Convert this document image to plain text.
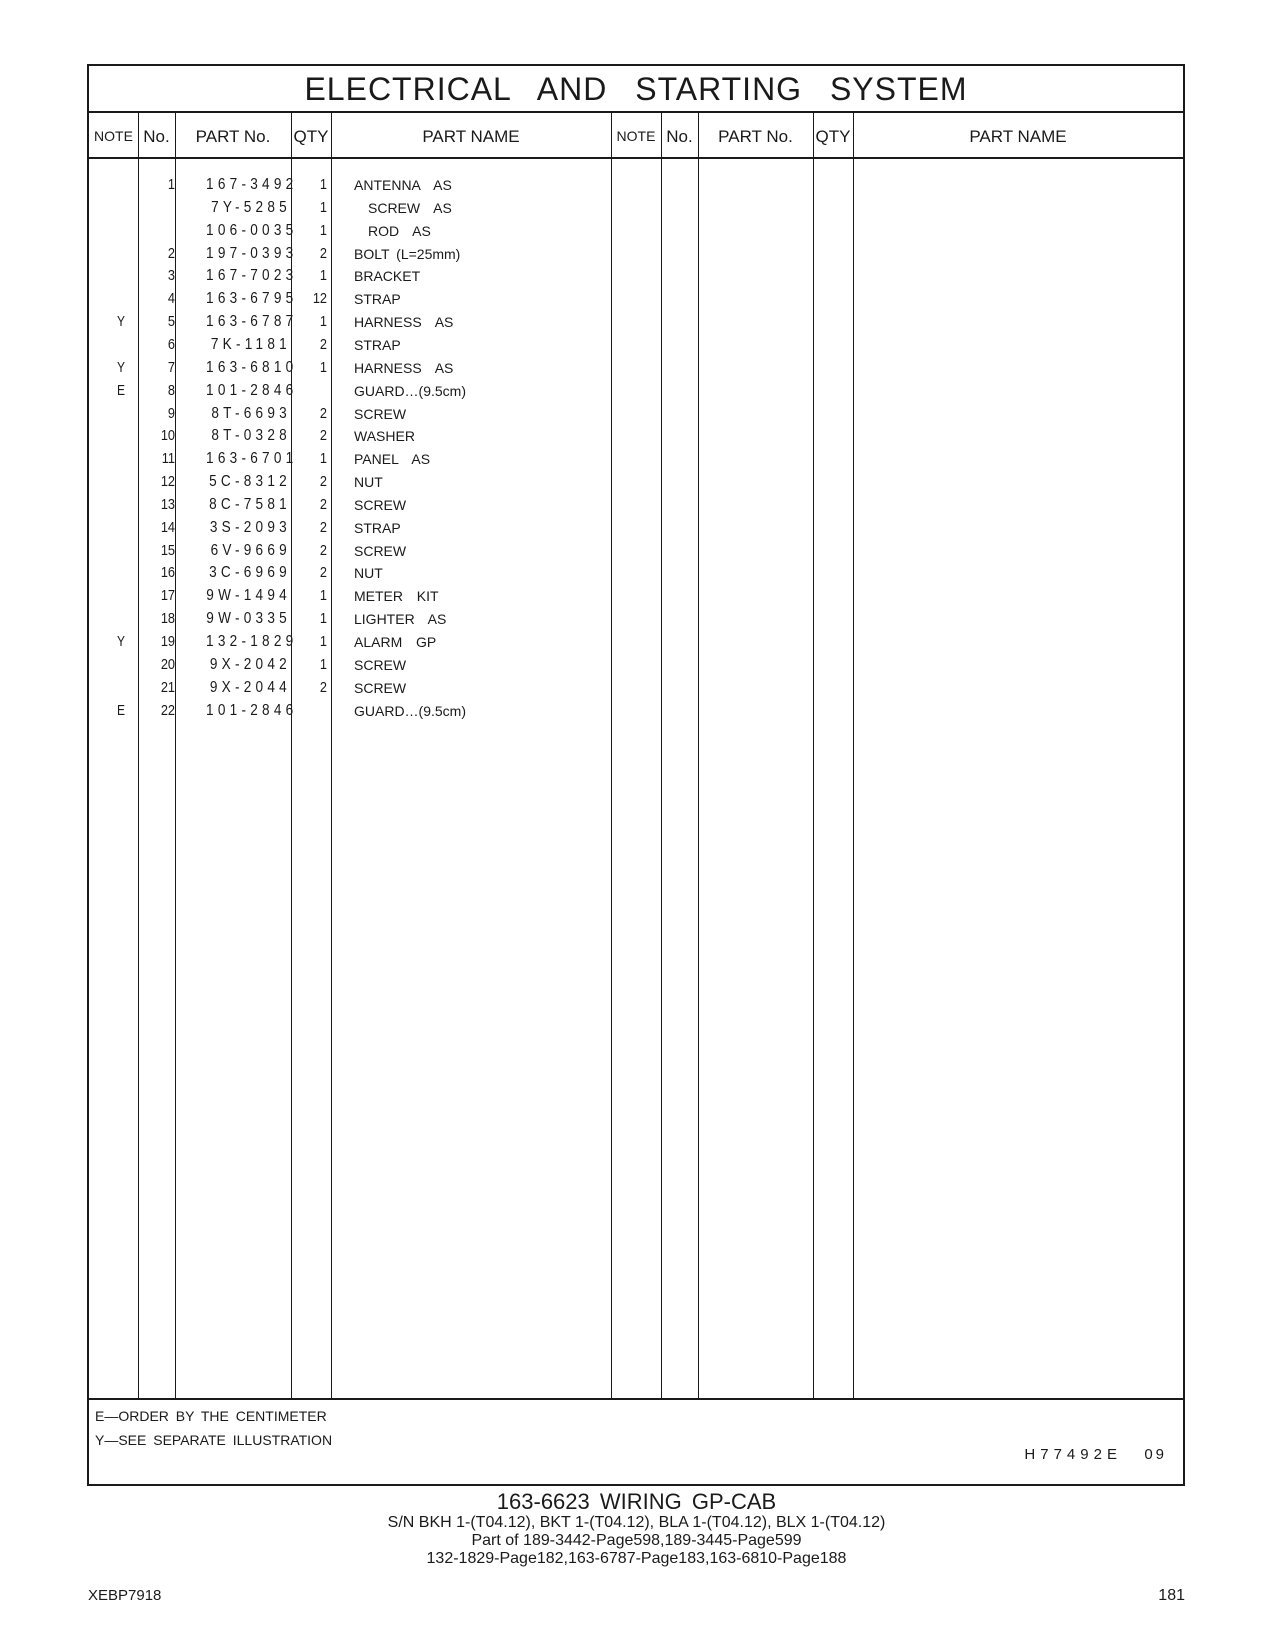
ELECTRICAL AND STARTING SYSTEM
NOTE No.	PART No.	QTY	PART NAME	NOTE No.	PART No.	QTY	PART NAME
1 167-3492	1 ANTENNA  AS
7Y-5285	1	SCREW  AS
106-0035	1	ROD  AS
2 197-0393	2 BOLT (L=25mm)
3 167-7023	1 BRACKET
4 163-6795 12 STRAP
Y	5 163-6787	1 HARNESS  AS
6	7K-1181	2 STRAP
Y	7 163-6810	1 HARNESS  AS
E	8 101-2846	GUARD…(9.5cm)
9	8T-6693	2 SCREW
10	8T-0328	2 WASHER
11 163-6701	1 PANEL  AS
12 5C-8312	2 NUT
13 8C-7581	2 SCREW
14 3S-2093	2 STRAP
15 6V-9669	2 SCREW
16 3C-6969	2 NUT
17 9W-1494	1 METER  KIT
18 9W-0335	1 LIGHTER  AS
Y	19 132-1829	1 ALARM  GP
20 9X-2042	1 SCREW
21 9X-2044	2 SCREW
E	22 101-2846	GUARD…(9.5cm)
E—ORDER BY THE CENTIMETER
Y—SEE SEPARATE ILLUSTRATION
H77492E 09
163-6623 WIRING GP-CAB
S/N BKH 1-(T04.12), BKT 1-(T04.12), BLA 1-(T04.12), BLX 1-(T04.12)
Part of 189-3442-Page598,189-3445-Page599
132-1829-Page182,163-6787-Page183,163-6810-Page188
XEBP7918	181
